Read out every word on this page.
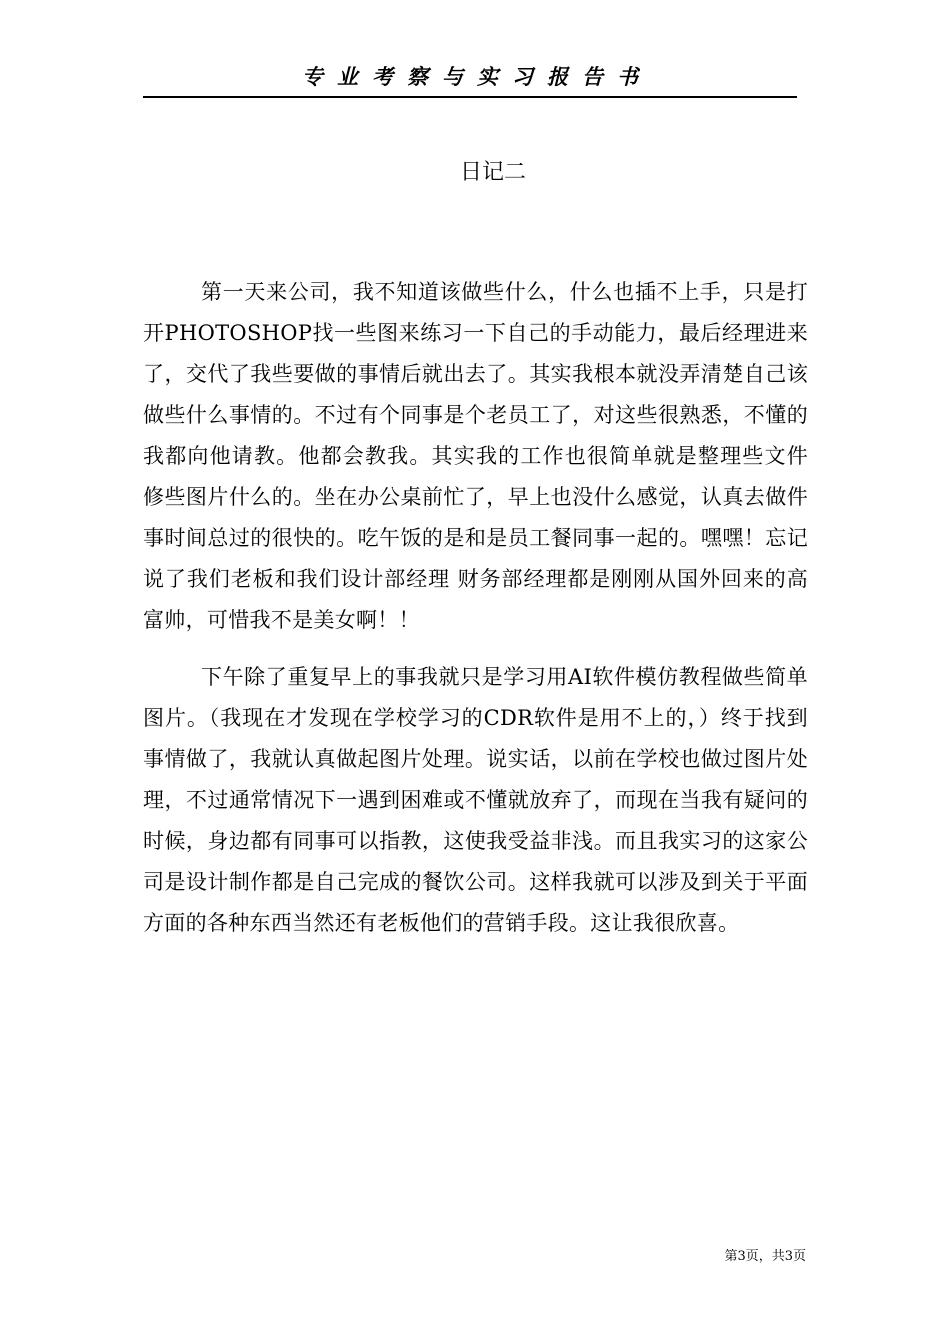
专业考察与实习报告书
日记二

第一天来公司，我不知道该做些什么，什么也插不上手，只是打开PHOTOSHOP找一些图来练习一下自己的手动能力，最后经理进来了，交代了我些要做的事情后就出去了。其实我根本就没弄清楚自己该做些什么事情的。不过有个同事是个老员工了，对这些很熟悉，不懂的我都向他请教。他都会教我。其实我的工作也很简单就是整理些文件 修些图片什么的。坐在办公桌前忙了，早上也没什么感觉，认真去做件事时间总过的很快的。吃午饭的是和是员工餐同事一起的。嘿嘿！忘记说了我们老板和我们设计部经理 财务部经理都是刚刚从国外回来的高富帅，可惜我不是美女啊！！

下午除了重复早上的事我就只是学习用AI软件模仿教程做些简单图片。（我现在才发现在学校学习的CDR软件是用不上的，）终于找到事情做了，我就认真做起图片处理。说实话，以前在学校也做过图片处理，不过通常情况下一遇到困难或不懂就放弃了，而现在当我有疑问的时候，身边都有同事可以指教，这使我受益非浅。而且我实习的这家公司是设计制作都是自己完成的餐饮公司。这样我就可以涉及到关于平面方面的各种东西当然还有老板他们的营销手段。这让我很欣喜。

第3页，共3页
